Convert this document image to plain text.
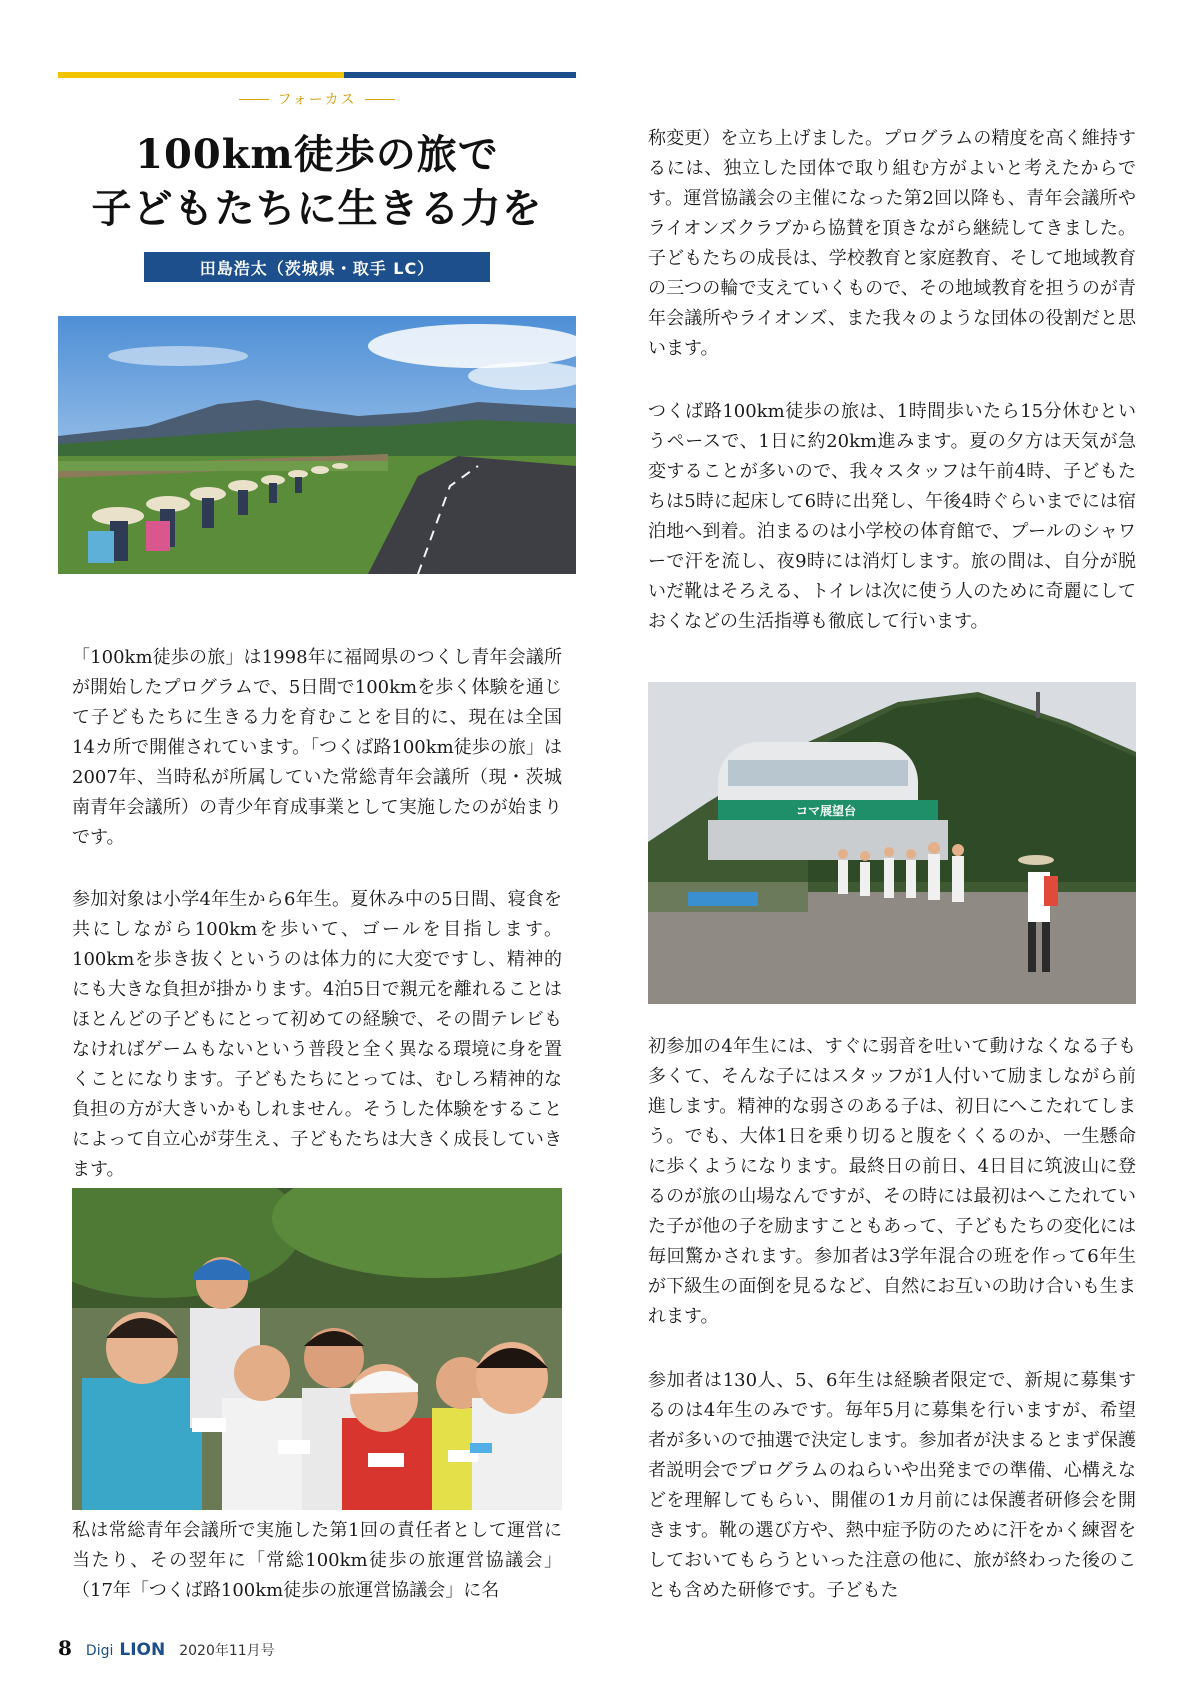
フォーカス
100km徒歩の旅で
子どもたちに生きる力を
田島浩太（茨城県・取手 LC）

「100km徒歩の旅」は1998年に福岡県のつくし青年会議所が開始したプログラムで、5日間で100kmを歩く体験を通じて子どもたちに生きる力を育むことを目的に、現在は全国14カ所で開催されています。「つくば路100km徒歩の旅」は2007年、当時私が所属していた常総青年会議所（現・茨城南青年会議所）の青少年育成事業として実施したのが始まりです。

参加対象は小学4年生から6年生。夏休み中の5日間、寝食を共にしながら100kmを歩いて、ゴールを目指します。100kmを歩き抜くというのは体力的に大変ですし、精神的にも大きな負担が掛かります。4泊5日で親元を離れることはほとんどの子どもにとって初めての経験で、その間テレビもなければゲームもないという普段と全く異なる環境に身を置くことになります。子どもたちにとっては、むしろ精神的な負担の方が大きいかもしれません。そうした体験をすることによって自立心が芽生え、子どもたちは大きく成長していきます。

私は常総青年会議所で実施した第1回の責任者として運営に当たり、その翌年に「常総100km徒歩の旅運営協議会」（17年「つくば路100km徒歩の旅運営協議会」に名

称変更）を立ち上げました。プログラムの精度を高く維持するには、独立した団体で取り組む方がよいと考えたからです。運営協議会の主催になった第2回以降も、青年会議所やライオンズクラブから協賛を頂きながら継続してきました。子どもたちの成長は、学校教育と家庭教育、そして地域教育の三つの輪で支えていくもので、その地域教育を担うのが青年会議所やライオンズ、また我々のような団体の役割だと思います。

つくば路100km徒歩の旅は、1時間歩いたら15分休むというペースで、1日に約20km進みます。夏の夕方は天気が急変することが多いので、我々スタッフは午前4時、子どもたちは5時に起床して6時に出発し、午後4時ぐらいまでには宿泊地へ到着。泊まるのは小学校の体育館で、プールのシャワーで汗を流し、夜9時には消灯します。旅の間は、自分が脱いだ靴はそろえる、トイレは次に使う人のために奇麗にしておくなどの生活指導も徹底して行います。

コマ展望台

初参加の4年生には、すぐに弱音を吐いて動けなくなる子も多くて、そんな子にはスタッフが1人付いて励ましながら前進します。精神的な弱さのある子は、初日にへこたれてしまう。でも、大体1日を乗り切ると腹をくくるのか、一生懸命に歩くようになります。最終日の前日、4日目に筑波山に登るのが旅の山場なんですが、その時には最初はへこたれていた子が他の子を励ますこともあって、子どもたちの変化には毎回驚かされます。参加者は3学年混合の班を作って6年生が下級生の面倒を見るなど、自然にお互いの助け合いも生まれます。

参加者は130人、5、6年生は経験者限定で、新規に募集するのは4年生のみです。毎年5月に募集を行いますが、希望者が多いので抽選で決定します。参加者が決まるとまず保護者説明会でプログラムのねらいや出発までの準備、心構えなどを理解してもらい、開催の1カ月前には保護者研修会を開きます。靴の選び方や、熱中症予防のために汗をかく練習をしておいてもらうといった注意の他に、旅が終わった後のことも含めた研修です。子どもた

8 Digi LION 2020年11月号
